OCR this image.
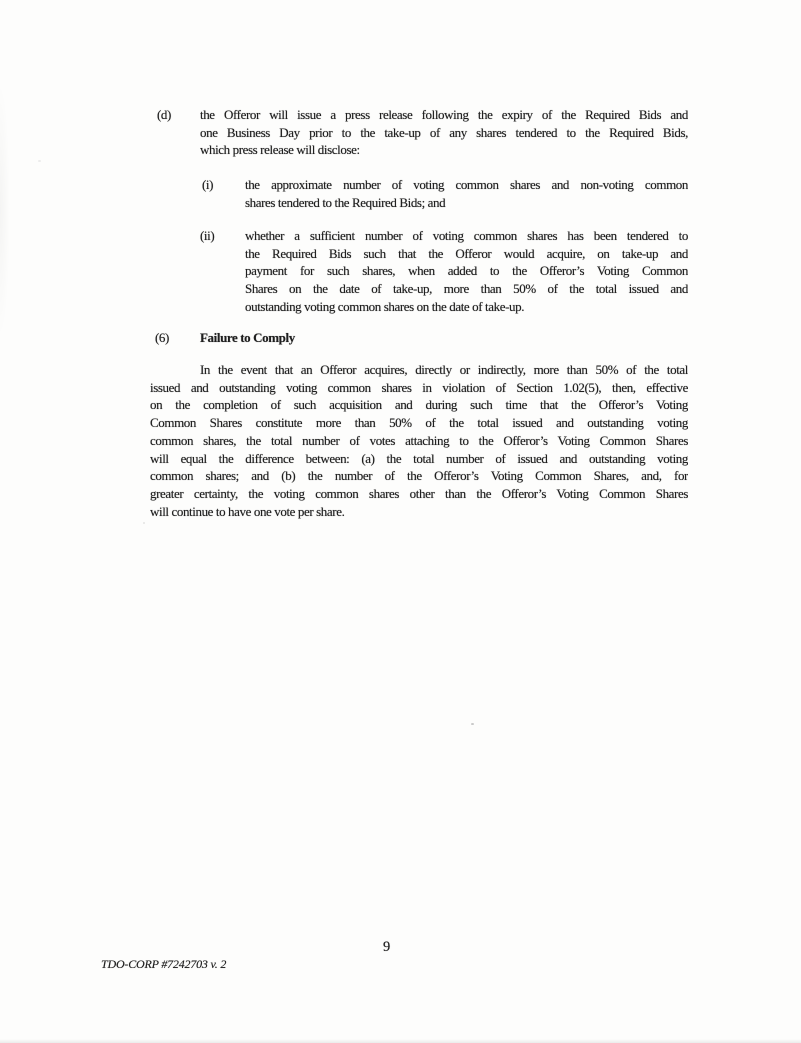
(d) the Offeror will issue a press release following the expiry of the Required Bids and
one Business Day prior to the take-up of any shares tendered to the Required Bids,
which press release will disclose:
(i) the approximate number of voting common shares and non-voting common
shares tendered to the Required Bids; and
(ii) whether a sufficient number of voting common shares has been tendered to
the Required Bids such that the Offeror would acquire, on take-up and
payment for such shares, when added to the Offeror’s Voting Common
Shares on the date of take-up, more than 50% of the total issued and
outstanding voting common shares on the date of take-up.
(6) Failure to Comply
In the event that an Offeror acquires, directly or indirectly, more than 50% of the total
issued and outstanding voting common shares in violation of Section 1.02(5), then, effective
on the completion of such acquisition and during such time that the Offeror’s Voting
Common Shares constitute more than 50% of the total issued and outstanding voting
common shares, the total number of votes attaching to the Offeror’s Voting Common Shares
will equal the difference between: (a) the total number of issued and outstanding voting
common shares; and (b) the number of the Offeror’s Voting Common Shares, and, for
greater certainty, the voting common shares other than the Offeror’s Voting Common Shares
will continue to have one vote per share.
9
TDO-CORP #7242703 v. 2
